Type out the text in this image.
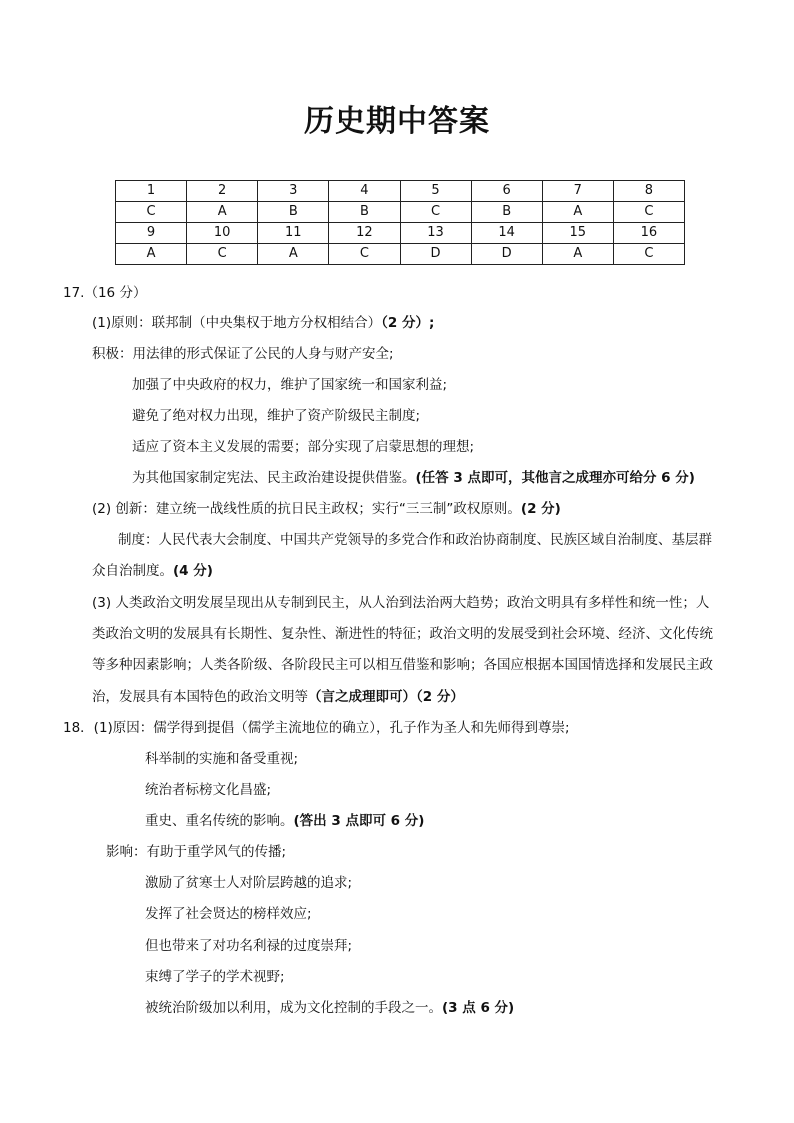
历史期中答案
1	2	3	4	5	6	7	8
C	A	B	B	C	B	A	C
9	10	11	12	13	14	15	16
A	C	A	C	D	D	A	C
17.（16 分）
(1)原则：联邦制（中央集权于地方分权相结合）（2 分）;
积极：用法律的形式保证了公民的人身与财产安全;
加强了中央政府的权力，维护了国家统一和国家利益;
避免了绝对权力出现，维护了资产阶级民主制度;
适应了资本主义发展的需要；部分实现了启蒙思想的理想;
为其他国家制定宪法、民主政治建设提供借鉴。(任答 3 点即可，其他言之成理亦可给分 6 分)
(2) 创新：建立统一战线性质的抗日民主政权；实行“三三制”政权原则。(2 分)
制度：人民代表大会制度、中国共产党领导的多党合作和政治协商制度、民族区域自治制度、基层群
众自治制度。(4 分)
(3) 人类政治文明发展呈现出从专制到民主，从人治到法治两大趋势；政治文明具有多样性和统一性；人
类政治文明的发展具有长期性、复杂性、渐进性的特征；政治文明的发展受到社会环境、经济、文化传统
等多种因素影响；人类各阶级、各阶段民主可以相互借鉴和影响；各国应根据本国国情选择和发展民主政
治，发展具有本国特色的政治文明等（言之成理即可）（2 分）
18．(1)原因：儒学得到提倡（儒学主流地位的确立），孔子作为圣人和先师得到尊崇;
科举制的实施和备受重视;
统治者标榜文化昌盛;
重史、重名传统的影响。(答出 3 点即可 6 分)
影响：有助于重学风气的传播;
激励了贫寒士人对阶层跨越的追求;
发挥了社会贤达的榜样效应;
但也带来了对功名利禄的过度崇拜;
束缚了学子的学术视野;
被统治阶级加以利用，成为文化控制的手段之一。(3 点 6 分)
